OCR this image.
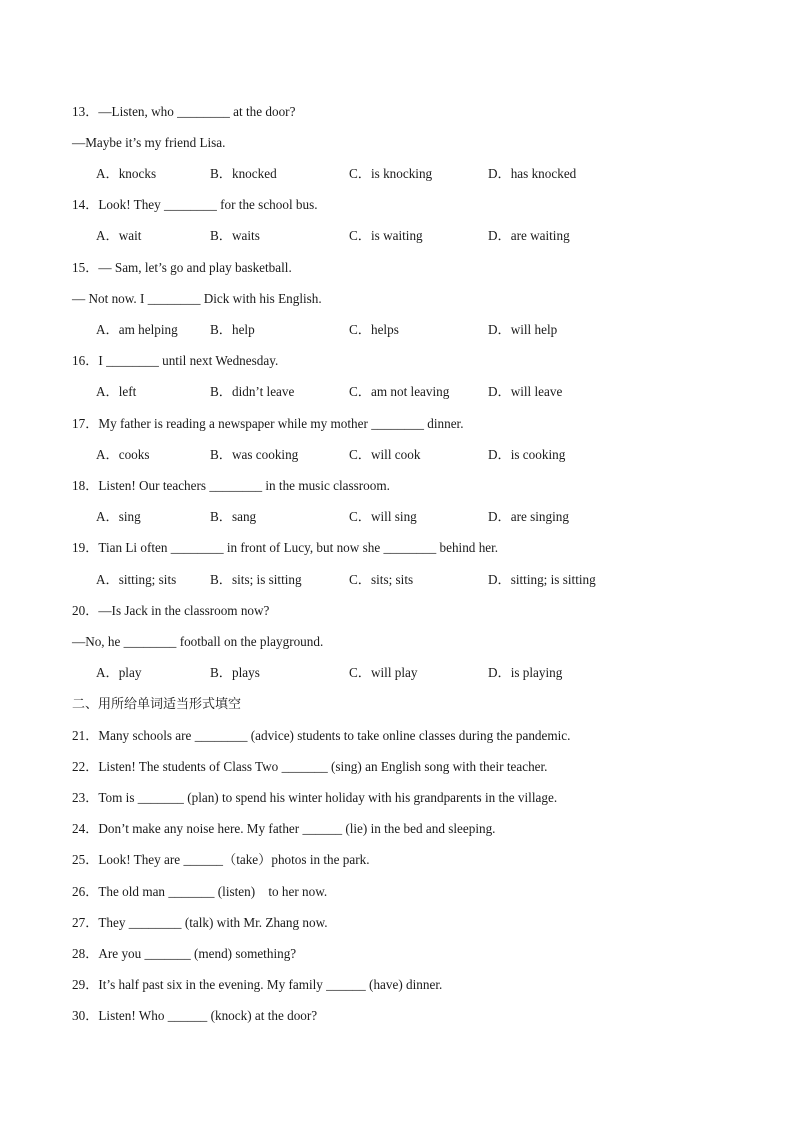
13．—Listen, who ________ at the door?
—Maybe it’s my friend Lisa.
A．knocks	B．knocked	C．is knocking	D．has knocked
14．Look! They ________ for the school bus.
A．wait	B．waits	C．is waiting	D．are waiting
15．— Sam, let’s go and play basketball.
— Not now. I ________ Dick with his English.
A．am helping B．help	C．helps	D．will help
16．I ________ until next Wednesday.
A．left	B．didn’t leave	C．am not leaving	D．will leave
17．My father is reading a newspaper while my mother ________ dinner.
A．cooks	B．was cooking	C．will cook	D．is cooking
18．Listen! Our teachers ________ in the music classroom.
A．sing	B．sang	C．will sing	D．are singing
19．Tian Li often ________ in front of Lucy, but now she ________ behind her.
A．sitting; sits	B．sits; is sitting	C．sits; sits	D．sitting; is sitting
20．—Is Jack in the classroom now?
—No, he ________ football on the playground.
A．play	B．plays	C．will play	D．is playing
二、用所给单词适当形式填空
21．Many schools are ________ (advice) students to take online classes during the pandemic.
22．Listen! The students of Class Two _______ (sing) an English song with their teacher.
23．Tom is _______ (plan) to spend his winter holiday with his grandparents in the village.
24．Don’t make any noise here. My father ______ (lie) in the bed and sleeping.
25．Look! They are ______（take）photos in the park.
26．The old man _______ (listen)    to her now.
27．They ________ (talk) with Mr. Zhang now.
28．Are you _______ (mend) something?
29．It’s half past six in the evening. My family ______ (have) dinner.
30．Listen! Who ______ (knock) at the door?
